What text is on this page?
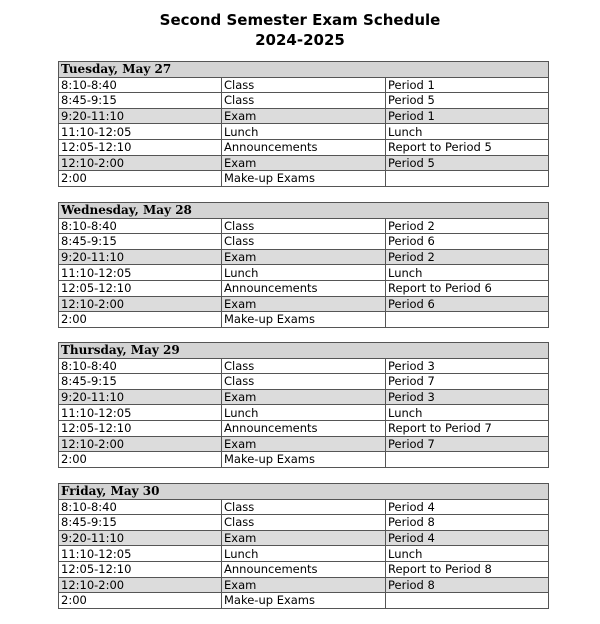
Second Semester Exam Schedule
2024-2025
Tuesday, May 27		
8:10-8:40	Class	Period 1
8:45-9:15	Class	Period 5
9:20-11:10	Exam	Period 1
11:10-12:05	Lunch	Lunch
12:05-12:10	Announcements	Report to Period 5
12:10-2:00	Exam	Period 5
2:00	Make-up Exams	
Wednesday, May 28		
8:10-8:40	Class	Period 2
8:45-9:15	Class	Period 6
9:20-11:10	Exam	Period 2
11:10-12:05	Lunch	Lunch
12:05-12:10	Announcements	Report to Period 6
12:10-2:00	Exam	Period 6
2:00	Make-up Exams	
Thursday, May 29		
8:10-8:40	Class	Period 3
8:45-9:15	Class	Period 7
9:20-11:10	Exam	Period 3
11:10-12:05	Lunch	Lunch
12:05-12:10	Announcements	Report to Period 7
12:10-2:00	Exam	Period 7
2:00	Make-up Exams	
Friday, May 30		
8:10-8:40	Class	Period 4
8:45-9:15	Class	Period 8
9:20-11:10	Exam	Period 4
11:10-12:05	Lunch	Lunch
12:05-12:10	Announcements	Report to Period 8
12:10-2:00	Exam	Period 8
2:00	Make-up Exams	
